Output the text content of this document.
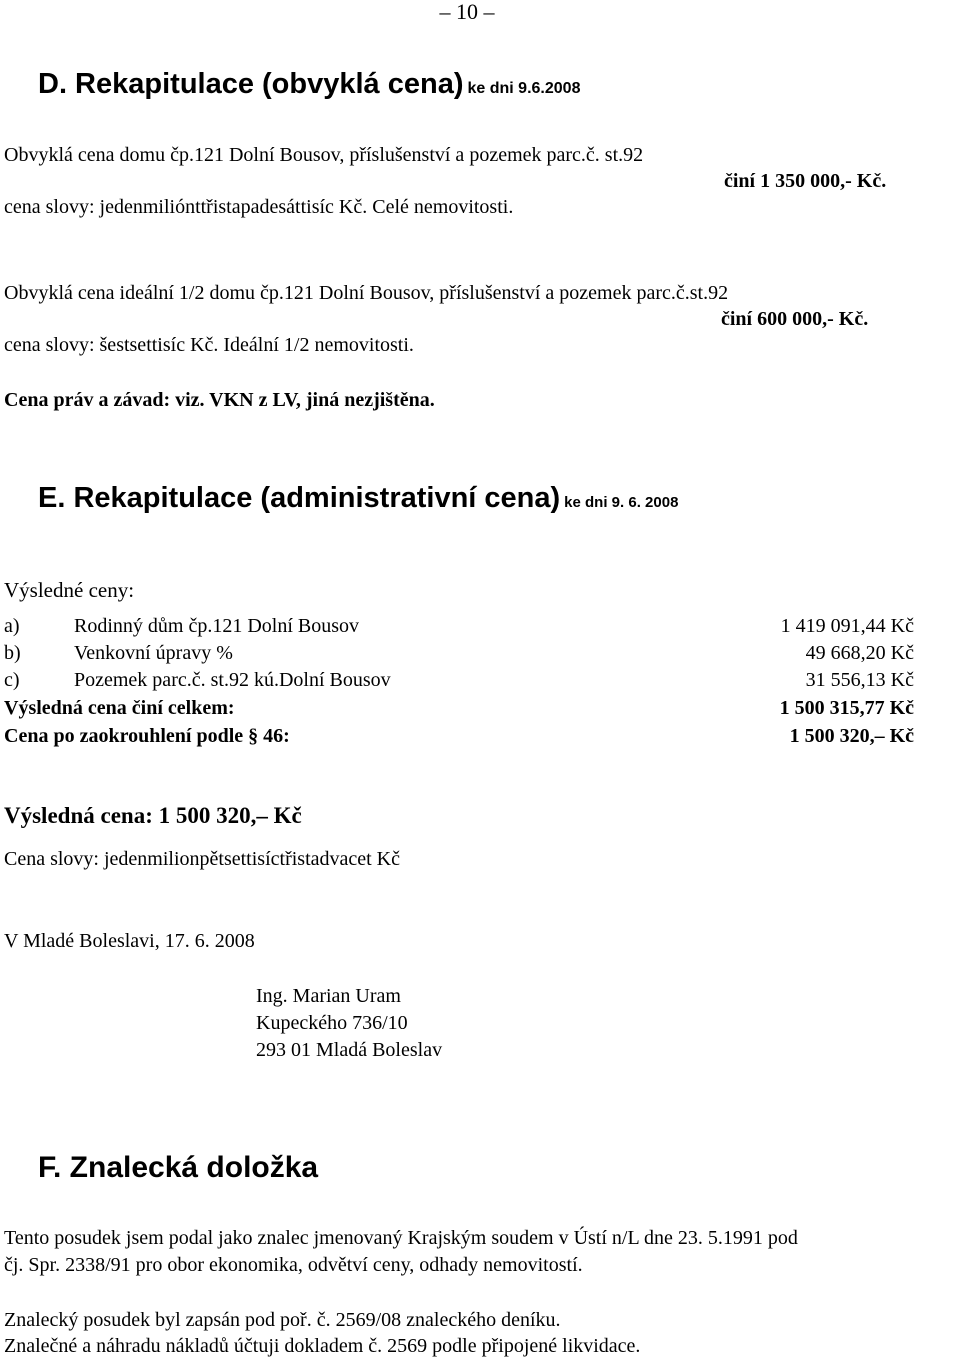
– 10 –
D. Rekapitulace (obvyklá cena) ke dni 9.6.2008
Obvyklá cena domu čp.121 Dolní Bousov, příslušenství a pozemek parc.č. st.92
činí 1 350 000,- Kč.
cena slovy: jedenmiliónttřistapadesáttisíc Kč. Celé nemovitosti.
Obvyklá cena ideální 1/2 domu čp.121 Dolní Bousov, příslušenství a pozemek parc.č.st.92
činí 600 000,- Kč.
cena slovy: šestsettisíc Kč. Ideální 1/2 nemovitosti.
Cena práv a závad: viz. VKN z LV, jiná nezjištěna.
E. Rekapitulace (administrativní cena) ke dni 9. 6. 2008
Výsledné ceny:
a)	Rodinný dům čp.121 Dolní Bousov	1 419 091,44 Kč
b)	Venkovní úpravy %	49 668,20 Kč
c)	Pozemek parc.č. st.92 kú.Dolní Bousov	31 556,13 Kč
Výsledná cena činí celkem:	1 500 315,77 Kč
Cena po zaokrouhlení podle § 46:	1 500 320,– Kč
Výsledná cena: 1 500 320,– Kč
Cena slovy: jedenmilionpětsettisíctřistadvacet Kč
V Mladé Boleslavi, 17. 6. 2008
Ing. Marian Uram
Kupeckého 736/10
293 01 Mladá Boleslav
F. Znalecká doložka
Tento posudek jsem podal jako znalec jmenovaný Krajským soudem v Ústí n/L dne 23. 5.1991 pod
čj. Spr. 2338/91 pro obor ekonomika, odvětví ceny, odhady nemovitostí.
Znalecký posudek byl zapsán pod poř. č. 2569/08 znaleckého deníku.
Znalečné a náhradu nákladů účtuji dokladem č. 2569 podle připojené likvidace.
